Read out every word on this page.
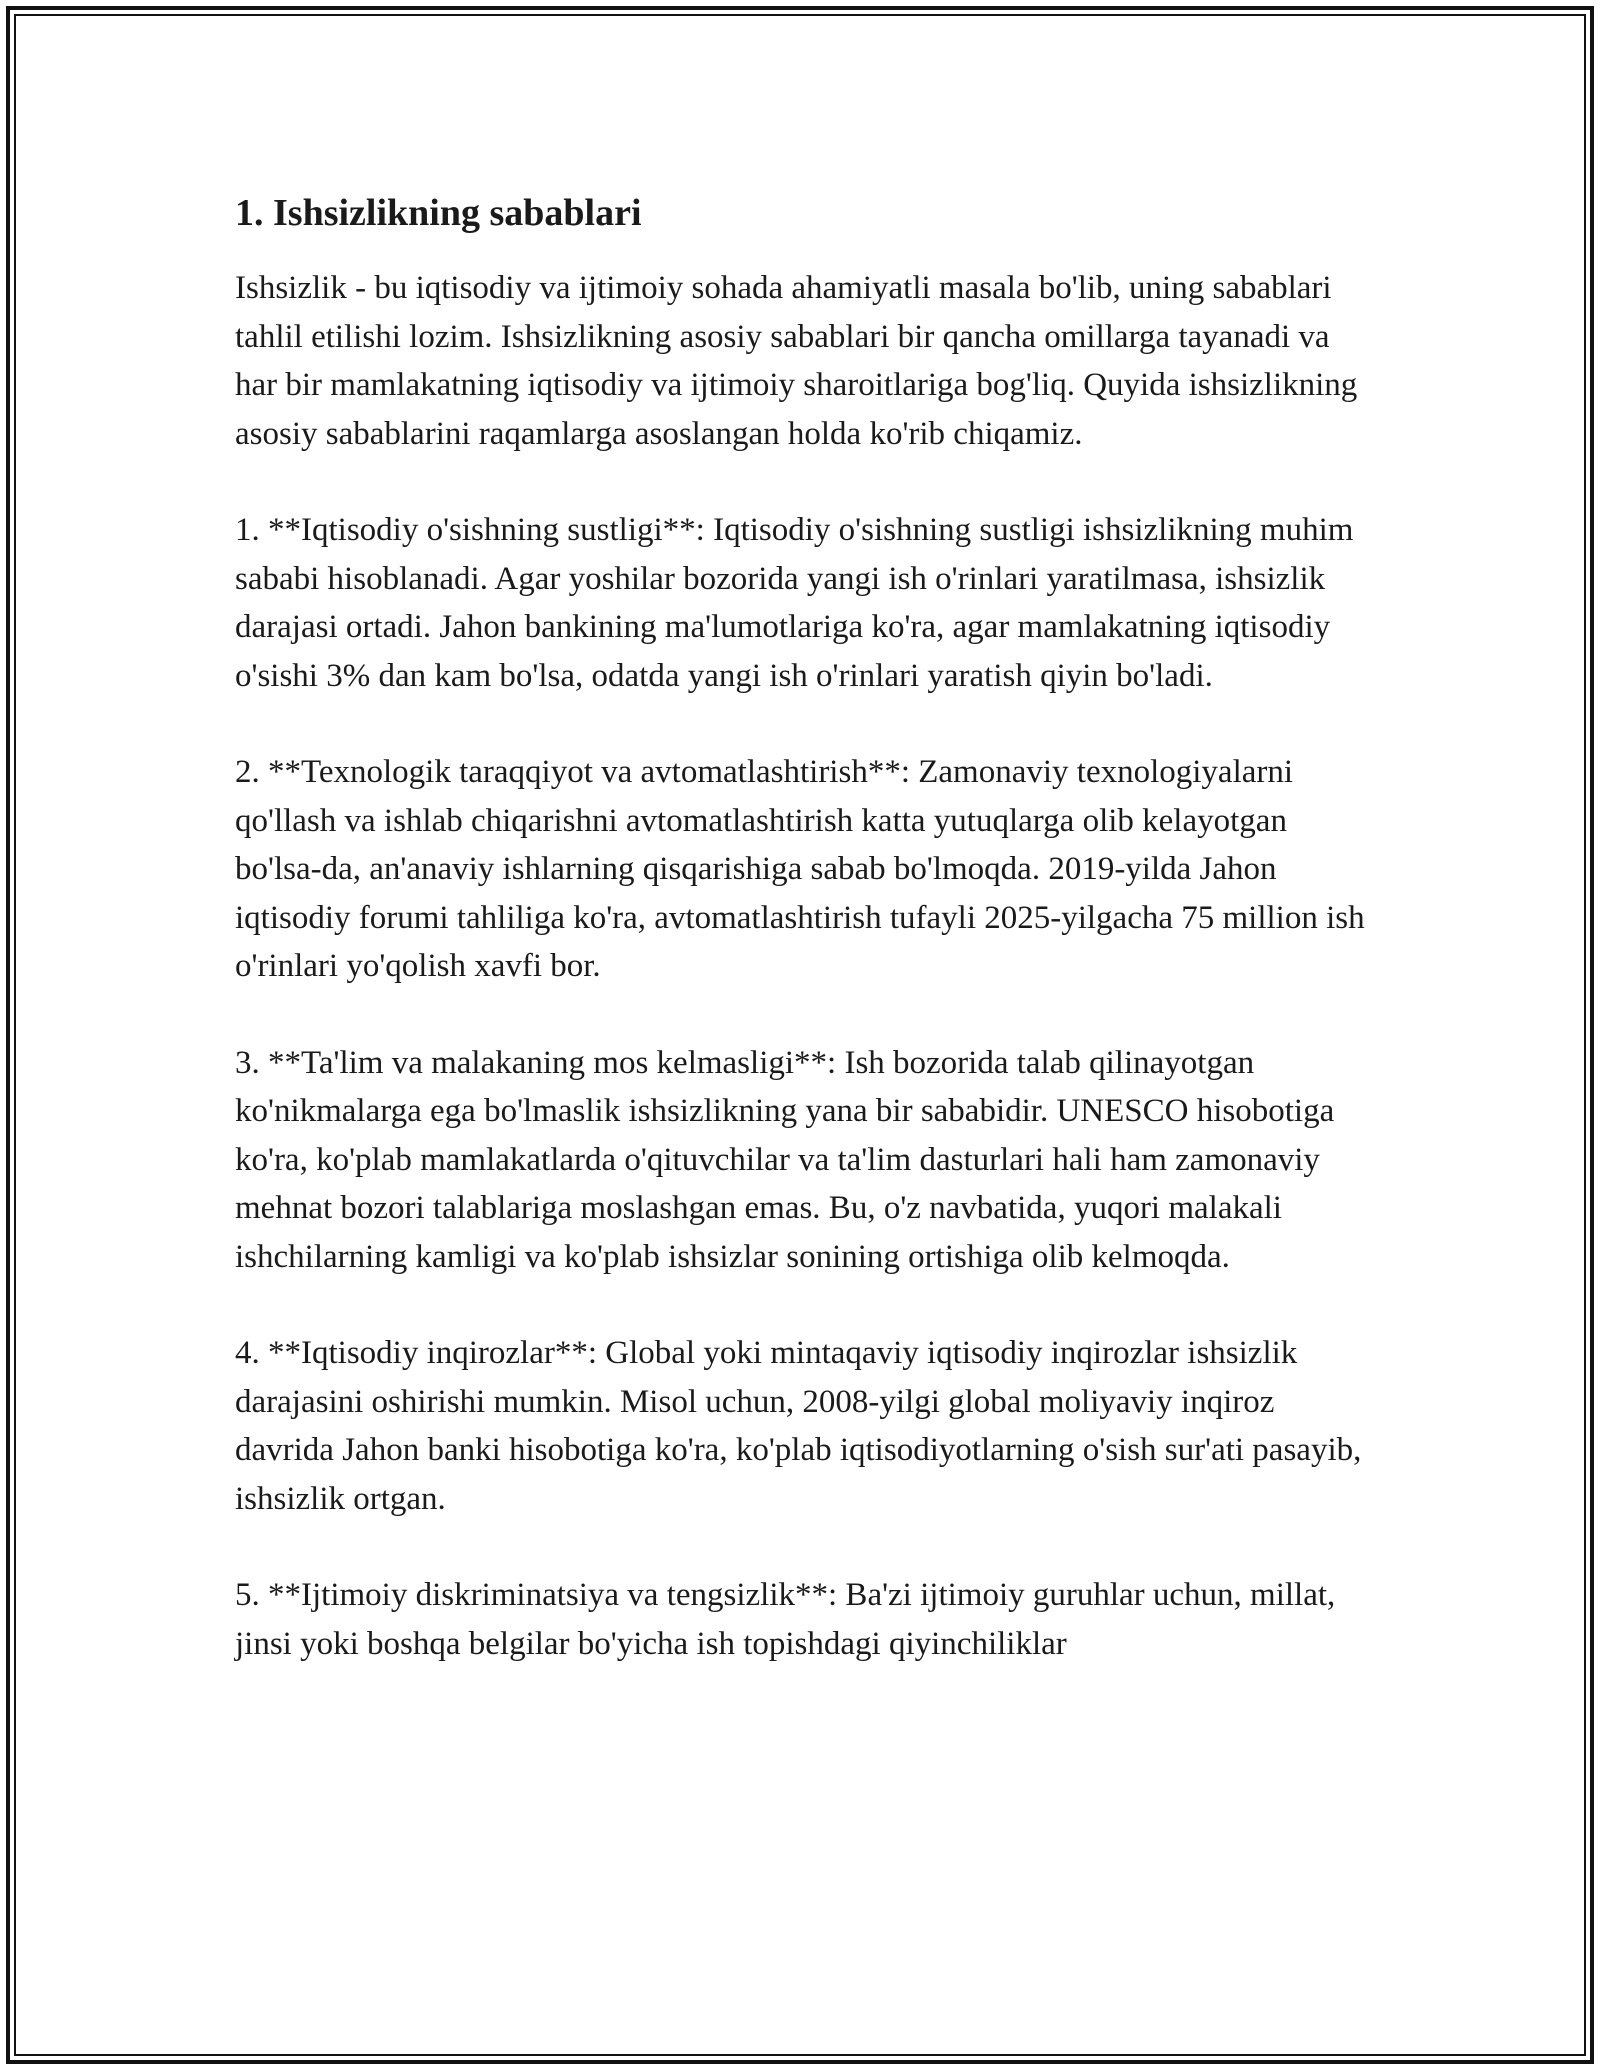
1. Ishsizlikning sabablari

Ishsizlik - bu iqtisodiy va ijtimoiy sohada ahamiyatli masala bo'lib, uning sabablari tahlil etilishi lozim. Ishsizlikning asosiy sabablari bir qancha omillarga tayanadi va har bir mamlakatning iqtisodiy va ijtimoiy sharoitlariga bog'liq. Quyida ishsizlikning asosiy sabablarini raqamlarga asoslangan holda ko'rib chiqamiz.

1. **Iqtisodiy o'sishning sustligi**: Iqtisodiy o'sishning sustligi ishsizlikning muhim sababi hisoblanadi. Agar yoshilar bozorida yangi ish o'rinlari yaratilmasa, ishsizlik darajasi ortadi. Jahon bankining ma'lumotlariga ko'ra, agar mamlakatning iqtisodiy o'sishi 3% dan kam bo'lsa, odatda yangi ish o'rinlari yaratish qiyin bo'ladi.

2. **Texnologik taraqqiyot va avtomatlashtirish**: Zamonaviy texnologiyalarni qo'llash va ishlab chiqarishni avtomatlashtirish katta yutuqlarga olib kelayotgan bo'lsa-da, an'anaviy ishlarning qisqarishiga sabab bo'lmoqda. 2019-yilda Jahon iqtisodiy forumi tahliliga ko'ra, avtomatlashtirish tufayli 2025-yilgacha 75 million ish o'rinlari yo'qolish xavfi bor.

3. **Ta'lim va malakaning mos kelmasligi**: Ish bozorida talab qilinayotgan ko'nikmalarga ega bo'lmaslik ishsizlikning yana bir sababidir. UNESCO hisobotiga ko'ra, ko'plab mamlakatlarda o'qituvchilar va ta'lim dasturlari hali ham zamonaviy mehnat bozori talablariga moslashgan emas. Bu, o'z navbatida, yuqori malakali ishchilarning kamligi va ko'plab ishsizlar sonining ortishiga olib kelmoqda.

4. **Iqtisodiy inqirozlar**: Global yoki mintaqaviy iqtisodiy inqirozlar ishsizlik darajasini oshirishi mumkin. Misol uchun, 2008-yilgi global moliyaviy inqiroz davrida Jahon banki hisobotiga ko'ra, ko'plab iqtisodiyotlarning o'sish sur'ati pasayib, ishsizlik ortgan.

5. **Ijtimoiy diskriminatsiya va tengsizlik**: Ba'zi ijtimoiy guruhlar uchun, millat, jinsi yoki boshqa belgilar bo'yicha ish topishdagi qiyinchiliklar
